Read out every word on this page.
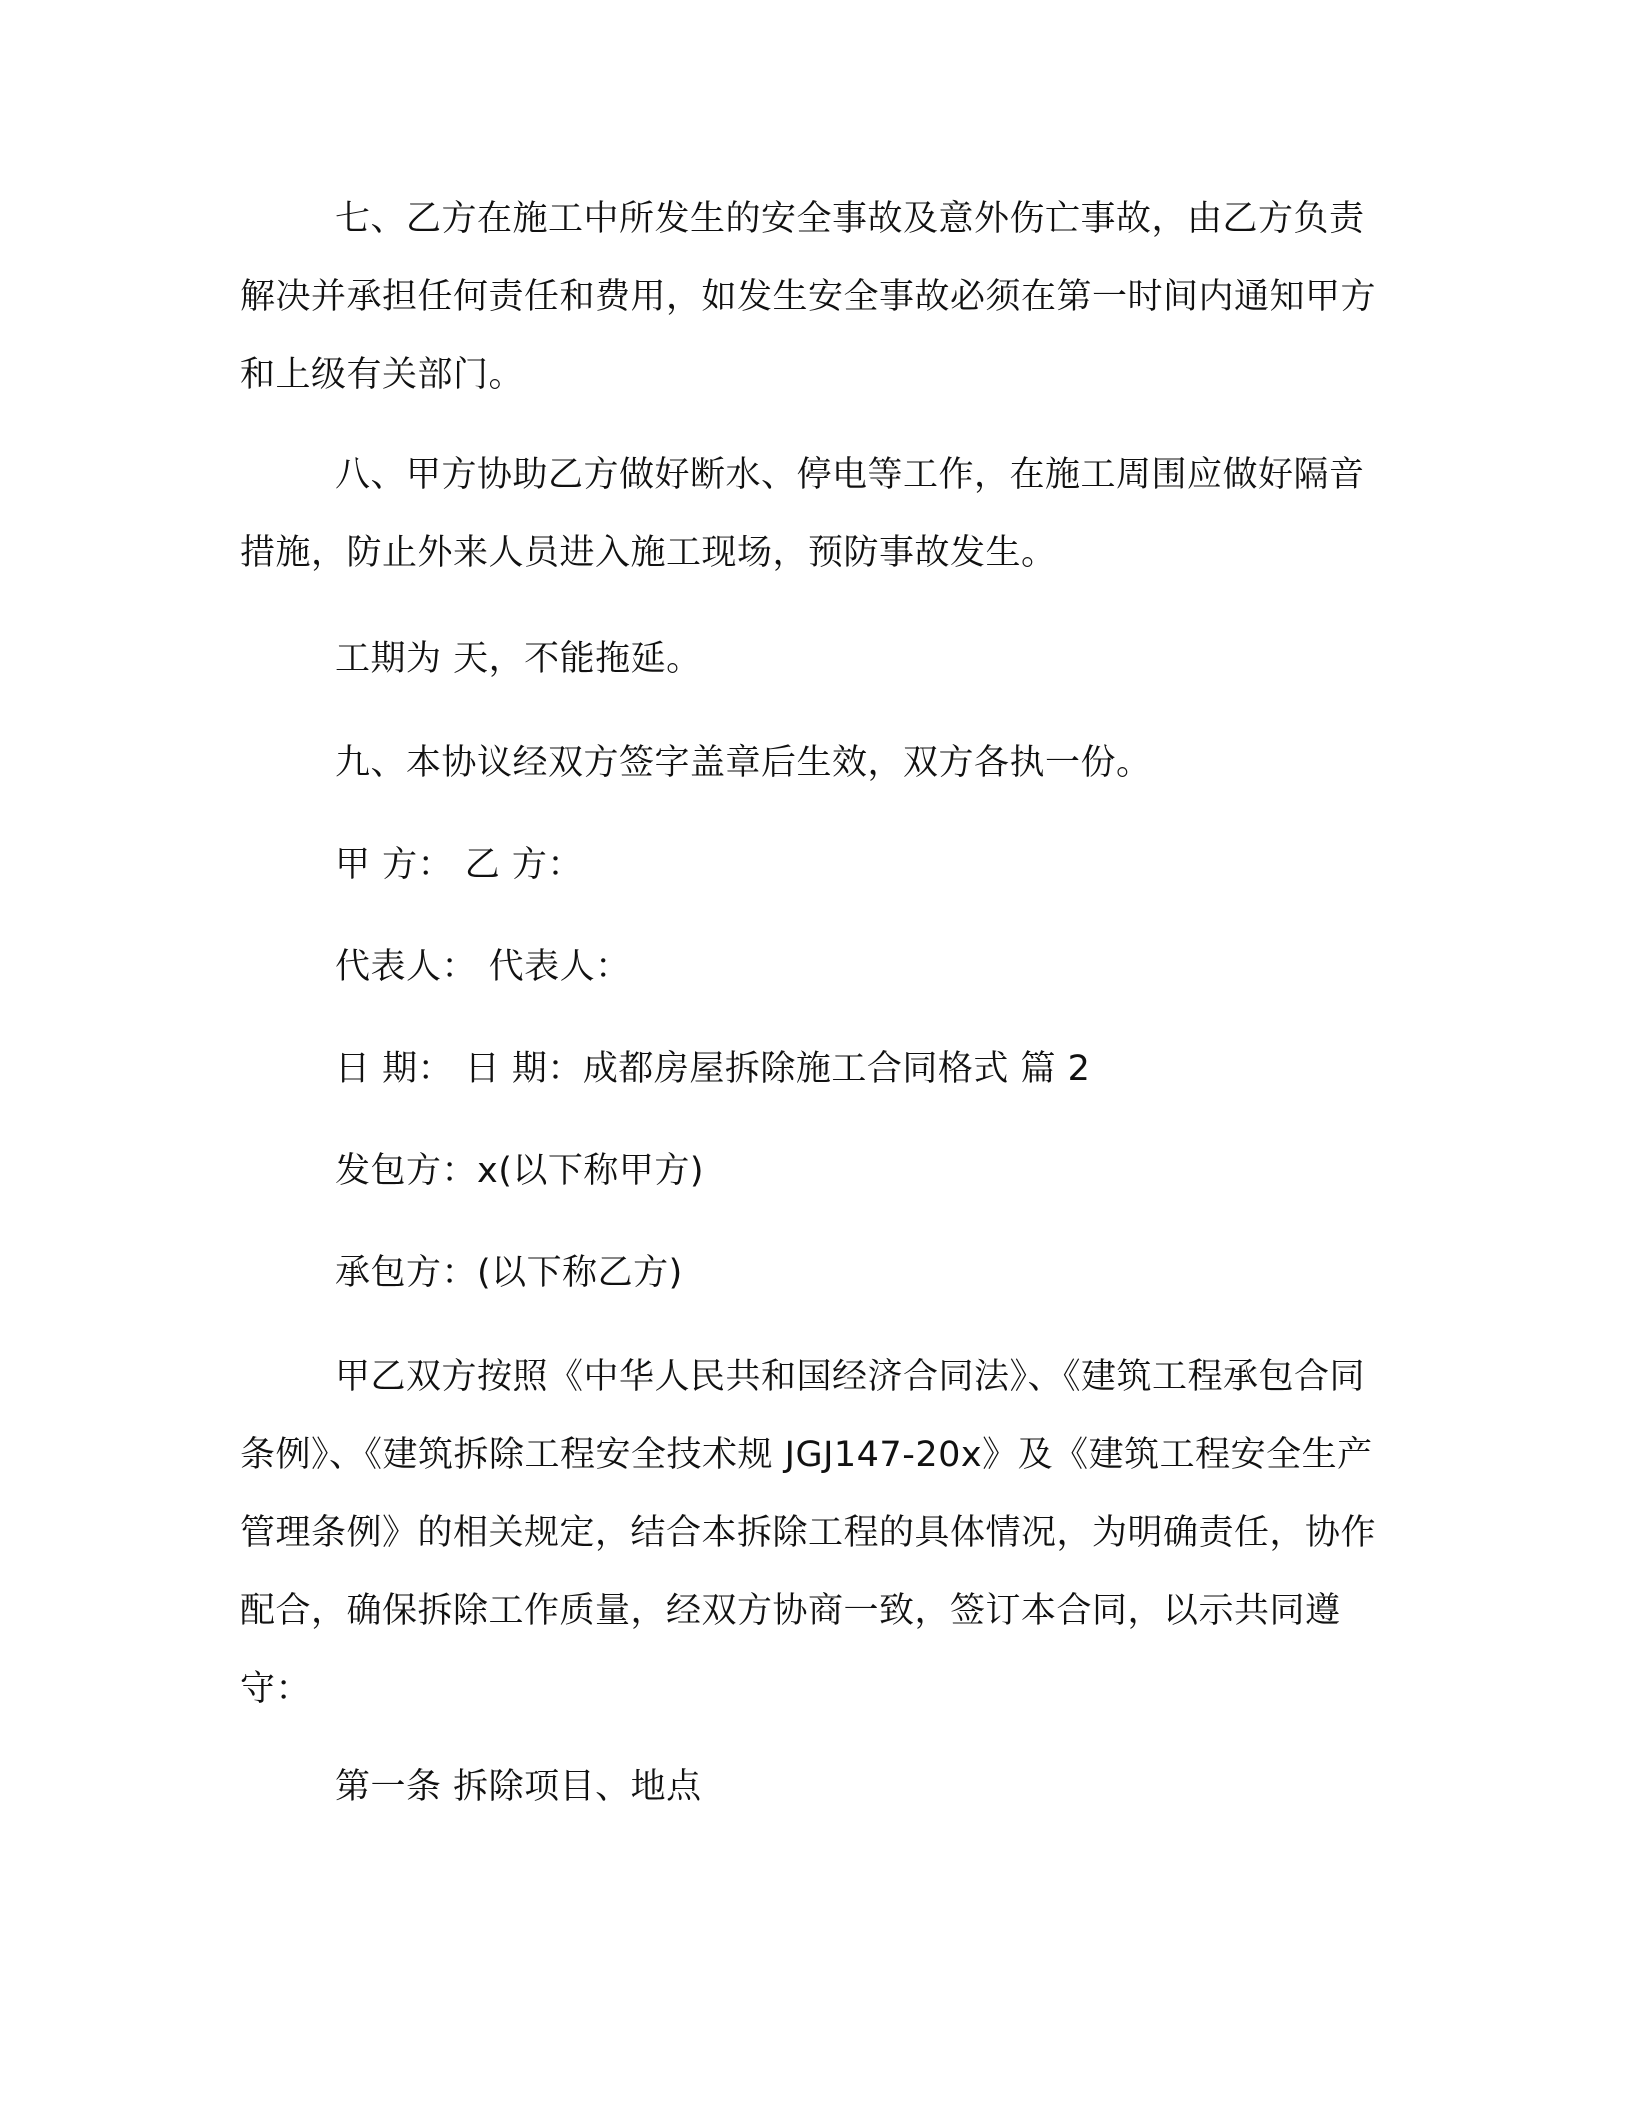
七、乙方在施工中所发生的安全事故及意外伤亡事故，由乙方负责解决并承担任何责任和费用，如发生安全事故必须在第一时间内通知甲方和上级有关部门。
八、甲方协助乙方做好断水、停电等工作，在施工周围应做好隔音措施，防止外来人员进入施工现场，预防事故发生。
工期为 天，不能拖延。
九、本协议经双方签字盖章后生效，双方各执一份。
甲 方： 乙 方：
代表人： 代表人：
日 期： 日 期：成都房屋拆除施工合同格式 篇 2
发包方：x(以下称甲方)
承包方：(以下称乙方)
甲乙双方按照《中华人民共和国经济合同法》、《建筑工程承包合同条例》、《建筑拆除工程安全技术规 JGJ147-20x》及《建筑工程安全生产管理条例》的相关规定，结合本拆除工程的具体情况，为明确责任，协作配合，确保拆除工作质量，经双方协商一致，签订本合同，以示共同遵守：
第一条 拆除项目、地点
